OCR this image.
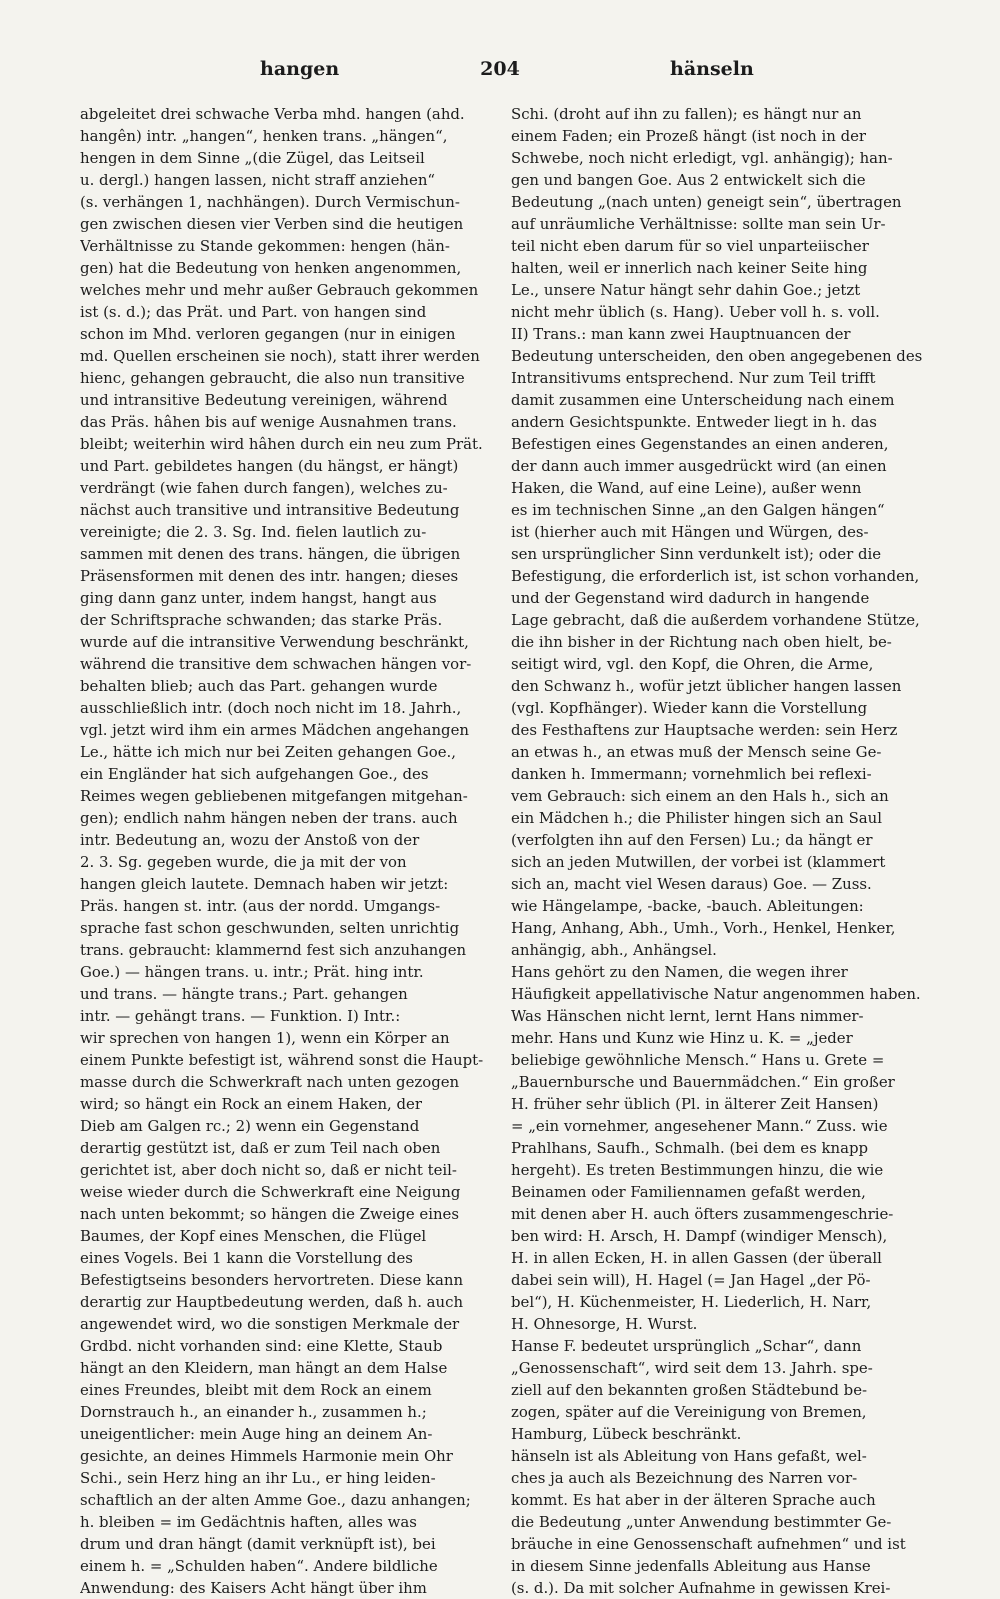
hangen	204	hänseln
abgeleitet drei schwache Verba mhd. hangen (ahd.
hangên) intr. „hangen“, henken trans. „hängen“,
hengen in dem Sinne „(die Zügel, das Leitseil
u. dergl.) hangen lassen, nicht straff anziehen“
(s. verhängen 1, nachhängen). Durch Vermischun-
gen zwischen diesen vier Verben sind die heutigen
Verhältnisse zu Stande gekommen: hengen (hän-
gen) hat die Bedeutung von henken angenommen,
welches mehr und mehr außer Gebrauch gekommen
ist (s. d.); das Prät. und Part. von hangen sind
schon im Mhd. verloren gegangen (nur in einigen
md. Quellen erscheinen sie noch), statt ihrer werden
hienc, gehangen gebraucht, die also nun transitive
und intransitive Bedeutung vereinigen, während
das Präs. hâhen bis auf wenige Ausnahmen trans.
bleibt; weiterhin wird hâhen durch ein neu zum Prät.
und Part. gebildetes hangen (du hängst, er hängt)
verdrängt (wie fahen durch fangen), welches zu-
nächst auch transitive und intransitive Bedeutung
vereinigte; die 2. 3. Sg. Ind. fielen lautlich zu-
sammen mit denen des trans. hängen, die übrigen
Präsensformen mit denen des intr. hangen; dieses
ging dann ganz unter, indem hangst, hangt aus
der Schriftsprache schwanden; das starke Präs.
wurde auf die intransitive Verwendung beschränkt,
während die transitive dem schwachen hängen vor-
behalten blieb; auch das Part. gehangen wurde
ausschließlich intr. (doch noch nicht im 18. Jahrh.,
vgl. jetzt wird ihm ein armes Mädchen angehangen
Le., hätte ich mich nur bei Zeiten gehangen Goe.,
ein Engländer hat sich aufgehangen Goe., des
Reimes wegen gebliebenen mitgefangen mitgehan-
gen); endlich nahm hängen neben der trans. auch
intr. Bedeutung an, wozu der Anstoß von der
2. 3. Sg. gegeben wurde, die ja mit der von
hangen gleich lautete. Demnach haben wir jetzt:
Präs. hangen st. intr. (aus der nordd. Umgangs-
sprache fast schon geschwunden, selten unrichtig
trans. gebraucht: klammernd fest sich anzuhangen
Goe.) — hängen trans. u. intr.; Prät. hing intr.
und trans. — hängte trans.; Part. gehangen
intr. — gehängt trans. — Funktion. I) Intr.:
wir sprechen von hangen 1), wenn ein Körper an
einem Punkte befestigt ist, während sonst die Haupt-
masse durch die Schwerkraft nach unten gezogen
wird; so hängt ein Rock an einem Haken, der
Dieb am Galgen rc.; 2) wenn ein Gegenstand
derartig gestützt ist, daß er zum Teil nach oben
gerichtet ist, aber doch nicht so, daß er nicht teil-
weise wieder durch die Schwerkraft eine Neigung
nach unten bekommt; so hängen die Zweige eines
Baumes, der Kopf eines Menschen, die Flügel
eines Vogels. Bei 1 kann die Vorstellung des
Befestigtseins besonders hervortreten. Diese kann
derartig zur Hauptbedeutung werden, daß h. auch
angewendet wird, wo die sonstigen Merkmale der
Grdbd. nicht vorhanden sind: eine Klette, Staub
hängt an den Kleidern, man hängt an dem Halse
eines Freundes, bleibt mit dem Rock an einem
Dornstrauch h., an einander h., zusammen h.;
uneigentlicher: mein Auge hing an deinem An-
gesichte, an deines Himmels Harmonie mein Ohr
Schi., sein Herz hing an ihr Lu., er hing leiden-
schaftlich an der alten Amme Goe., dazu anhangen;
h. bleiben = im Gedächtnis haften, alles was
drum und dran hängt (damit verknüpft ist), bei
einem h. = „Schulden haben“. Andere bildliche
Anwendung: des Kaisers Acht hängt über ihm
Schi. (droht auf ihn zu fallen); es hängt nur an
einem Faden; ein Prozeß hängt (ist noch in der
Schwebe, noch nicht erledigt, vgl. anhängig); han-
gen und bangen Goe. Aus 2 entwickelt sich die
Bedeutung „(nach unten) geneigt sein“, übertragen
auf unräumliche Verhältnisse: sollte man sein Ur-
teil nicht eben darum für so viel unparteiischer
halten, weil er innerlich nach keiner Seite hing
Le., unsere Natur hängt sehr dahin Goe.; jetzt
nicht mehr üblich (s. Hang). Ueber voll h. s. voll.
II) Trans.: man kann zwei Hauptnuancen der
Bedeutung unterscheiden, den oben angegebenen des
Intransitivums entsprechend. Nur zum Teil trifft
damit zusammen eine Unterscheidung nach einem
andern Gesichtspunkte. Entweder liegt in h. das
Befestigen eines Gegenstandes an einen anderen,
der dann auch immer ausgedrückt wird (an einen
Haken, die Wand, auf eine Leine), außer wenn
es im technischen Sinne „an den Galgen hängen“
ist (hierher auch mit Hängen und Würgen, des-
sen ursprünglicher Sinn verdunkelt ist); oder die
Befestigung, die erforderlich ist, ist schon vorhanden,
und der Gegenstand wird dadurch in hangende
Lage gebracht, daß die außerdem vorhandene Stütze,
die ihn bisher in der Richtung nach oben hielt, be-
seitigt wird, vgl. den Kopf, die Ohren, die Arme,
den Schwanz h., wofür jetzt üblicher hangen lassen
(vgl. Kopfhänger). Wieder kann die Vorstellung
des Festhaftens zur Hauptsache werden: sein Herz
an etwas h., an etwas muß der Mensch seine Ge-
danken h. Immermann; vornehmlich bei reflexi-
vem Gebrauch: sich einem an den Hals h., sich an
ein Mädchen h.; die Philister hingen sich an Saul
(verfolgten ihn auf den Fersen) Lu.; da hängt er
sich an jeden Mutwillen, der vorbei ist (klammert
sich an, macht viel Wesen daraus) Goe. — Zuss.
wie Hängelampe, -backe, -bauch. Ableitungen:
Hang, Anhang, Abh., Umh., Vorh., Henkel, Henker,
anhängig, abh., Anhängsel.
Hans gehört zu den Namen, die wegen ihrer
Häufigkeit appellativische Natur angenommen haben.
Was Hänschen nicht lernt, lernt Hans nimmer-
mehr. Hans und Kunz wie Hinz u. K. = „jeder
beliebige gewöhnliche Mensch.“ Hans u. Grete =
„Bauernbursche und Bauernmädchen.“ Ein großer
H. früher sehr üblich (Pl. in älterer Zeit Hansen)
= „ein vornehmer, angesehener Mann.“ Zuss. wie
Prahlhans, Saufh., Schmalh. (bei dem es knapp
hergeht). Es treten Bestimmungen hinzu, die wie
Beinamen oder Familiennamen gefaßt werden,
mit denen aber H. auch öfters zusammengeschrie-
ben wird: H. Arsch, H. Dampf (windiger Mensch),
H. in allen Ecken, H. in allen Gassen (der überall
dabei sein will), H. Hagel (= Jan Hagel „der Pö-
bel“), H. Küchenmeister, H. Liederlich, H. Narr,
H. Ohnesorge, H. Wurst.
Hanse F. bedeutet ursprünglich „Schar“, dann
„Genossenschaft“, wird seit dem 13. Jahrh. spe-
ziell auf den bekannten großen Städtebund be-
zogen, später auf die Vereinigung von Bremen,
Hamburg, Lübeck beschränkt.
hänseln ist als Ableitung von Hans gefaßt, wel-
ches ja auch als Bezeichnung des Narren vor-
kommt. Es hat aber in der älteren Sprache auch
die Bedeutung „unter Anwendung bestimmter Ge-
bräuche in eine Genossenschaft aufnehmen“ und ist
in diesem Sinne jedenfalls Ableitung aus Hanse
(s. d.). Da mit solcher Aufnahme in gewissen Krei-
